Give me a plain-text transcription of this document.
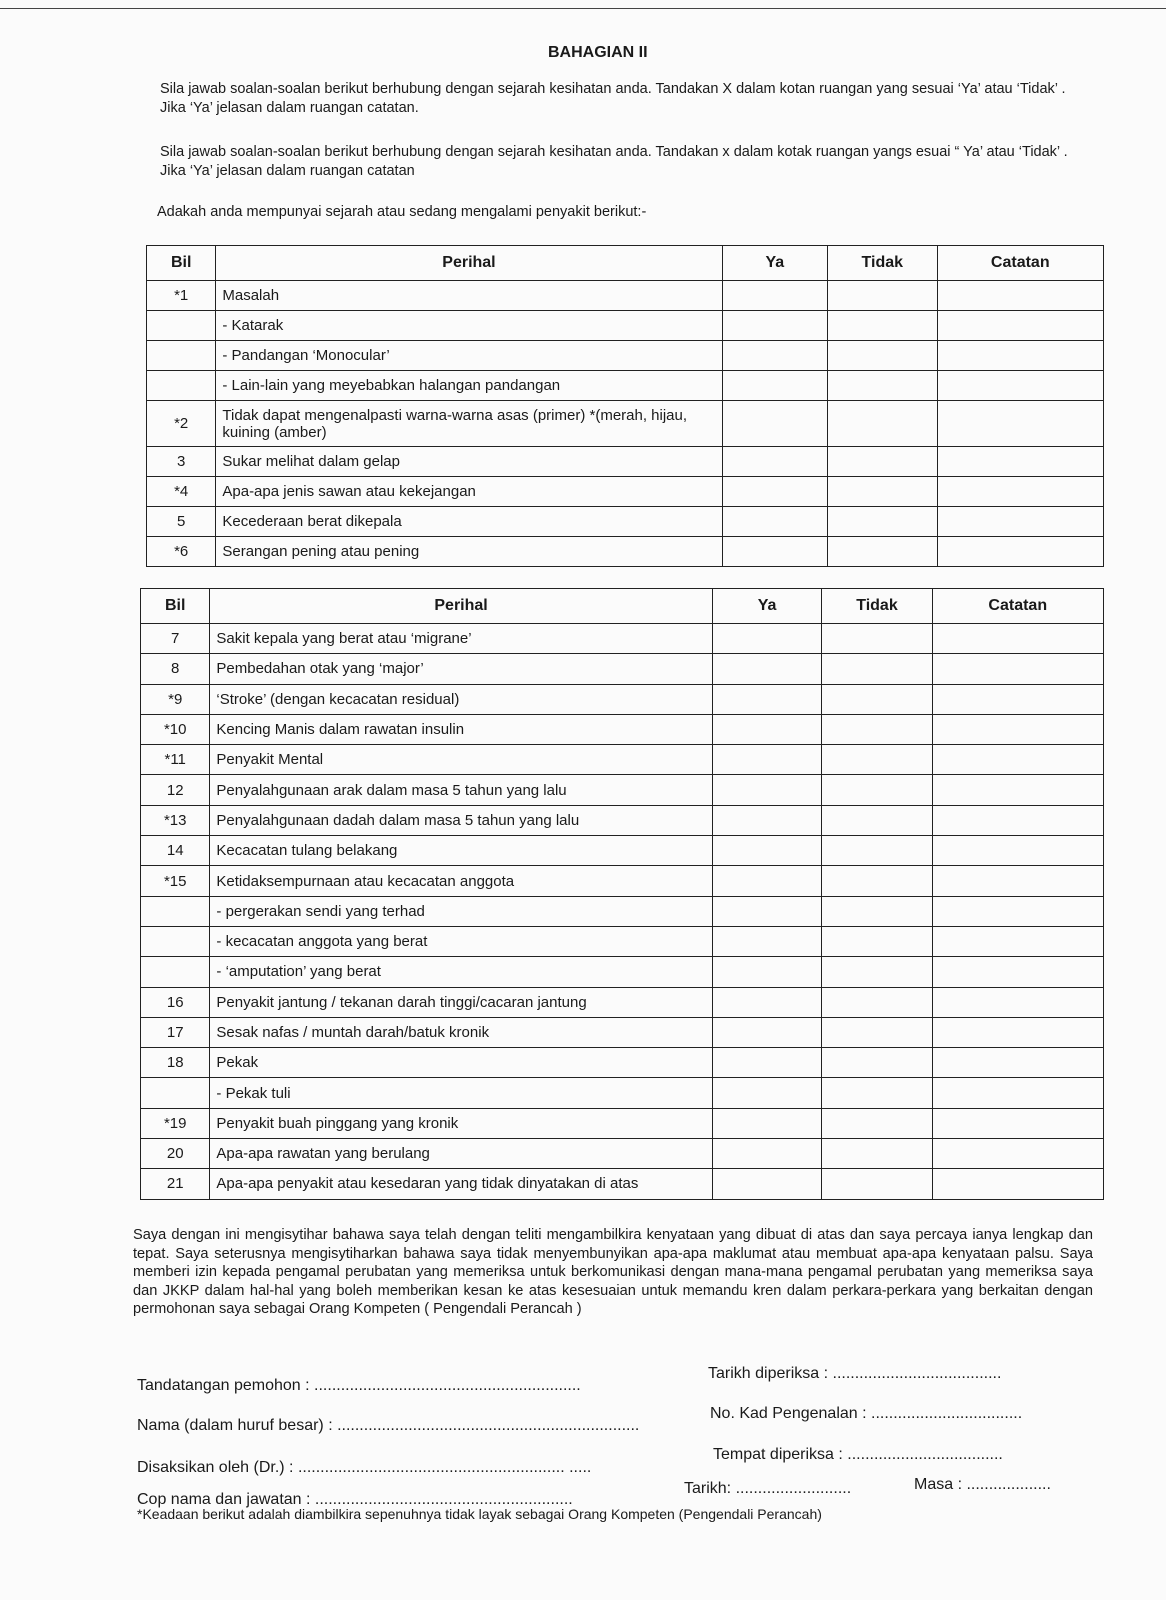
BAHAGIAN II
Sila jawab soalan-soalan berikut berhubung dengan sejarah kesihatan anda. Tandakan X dalam kotan ruangan yang sesuai ‘Ya’ atau ‘Tidak’ . Jika ‘Ya’ jelasan dalam ruangan catatan.
Sila jawab soalan-soalan berikut berhubung dengan sejarah kesihatan anda. Tandakan x dalam kotak ruangan yangs esuai “ Ya’ atau ‘Tidak’ . Jika ‘Ya’ jelasan dalam ruangan catatan
Adakah anda mempunyai sejarah atau sedang mengalami penyakit berikut:-
Bil	Perihal	Ya	Tidak	Catatan
*1	Masalah			
	- Katarak			
	- Pandangan ‘Monocular’			
	- Lain-lain yang meyebabkan halangan pandangan			
*2	Tidak dapat mengenalpasti warna-warna asas (primer) *(merah, hijau, kuining (amber)			
3	Sukar melihat dalam gelap			
*4	Apa-apa jenis sawan atau kekejangan			
5	Kecederaan berat dikepala			
*6	Serangan pening atau pening			
Bil	Perihal	Ya	Tidak	Catatan
7	Sakit kepala yang berat atau ‘migrane’			
8	Pembedahan otak yang ‘major’			
*9	‘Stroke’ (dengan kecacatan residual)			
*10	Kencing Manis dalam rawatan insulin			
*11	Penyakit Mental			
12	Penyalahgunaan arak dalam masa 5 tahun yang lalu			
*13	Penyalahgunaan dadah dalam masa 5 tahun yang lalu			
14	Kecacatan tulang belakang			
*15	Ketidaksempurnaan atau kecacatan anggota			
	- pergerakan sendi yang terhad			
	- kecacatan anggota yang berat			
	- ‘amputation’ yang berat			
16	Penyakit jantung / tekanan darah tinggi/cacaran jantung			
17	Sesak nafas / muntah darah/batuk kronik			
18	Pekak			
	- Pekak tuli			
*19	Penyakit buah pinggang yang kronik			
20	Apa-apa rawatan yang berulang			
21	Apa-apa penyakit atau kesedaran yang tidak dinyatakan di atas			
Saya dengan ini mengisytihar bahawa saya telah dengan teliti mengambilkira kenyataan yang dibuat di atas dan saya percaya ianya lengkap dan tepat. Saya seterusnya mengisytiharkan bahawa saya tidak menyembunyikan apa-apa maklumat atau membuat apa-apa kenyataan palsu. Saya memberi izin kepada pengamal perubatan yang memeriksa untuk berkomunikasi dengan mana-mana pengamal perubatan yang memeriksa saya dan JKKP dalam hal-hal yang boleh memberikan kesan ke atas kesesuaian untuk memandu kren dalam perkara-perkara yang berkaitan dengan permohonan saya sebagai Orang Kompeten ( Pengendali Perancah )
Tandatangan pemohon : ............................................................
Tarikh diperiksa : ......................................
Nama (dalam huruf besar) : ....................................................................
No. Kad Pengenalan : ..................................
Disaksikan oleh (Dr.) : ............................................................ .....
Tempat diperiksa : ...................................
Cop nama dan jawatan : ..........................................................
Tarikh: ..........................	Masa : ...................
*Keadaan berikut adalah diambilkira sepenuhnya tidak layak sebagai Orang Kompeten (Pengendali Perancah)
